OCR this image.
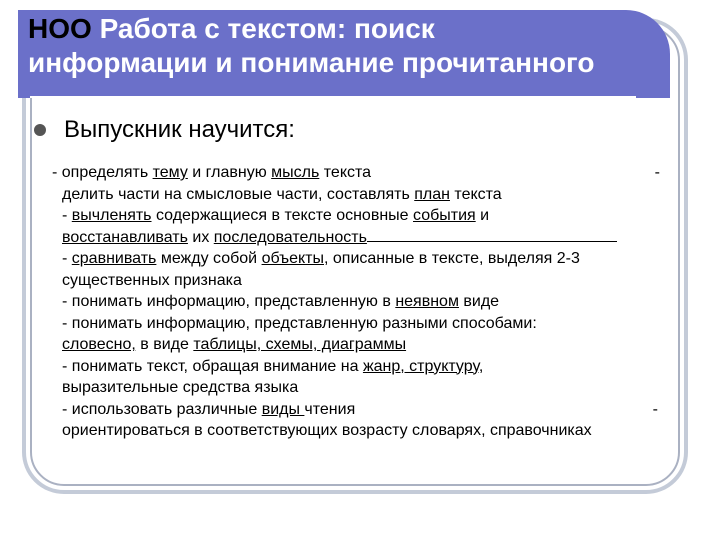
НОО Работа с текстом: поиск
информации и понимание прочитанного
Выпускник научится:
- определять тему и главную мысль текста	-
делить части на смысловые части, составлять план текста
- вычленять содержащиеся в тексте основные события и
восстанавливать их последовательность
- сравнивать между собой объекты, описанные в тексте, выделяя 2-3
существенных признака
- понимать информацию, представленную в неявном виде
- понимать информацию, представленную разными способами:
словесно, в виде таблицы, схемы, диаграммы
- понимать текст, обращая внимание на жанр, структуру,
выразительные средства языка
- использовать различные виды чтения	-
ориентироваться в соответствующих возрасту словарях, справочниках
